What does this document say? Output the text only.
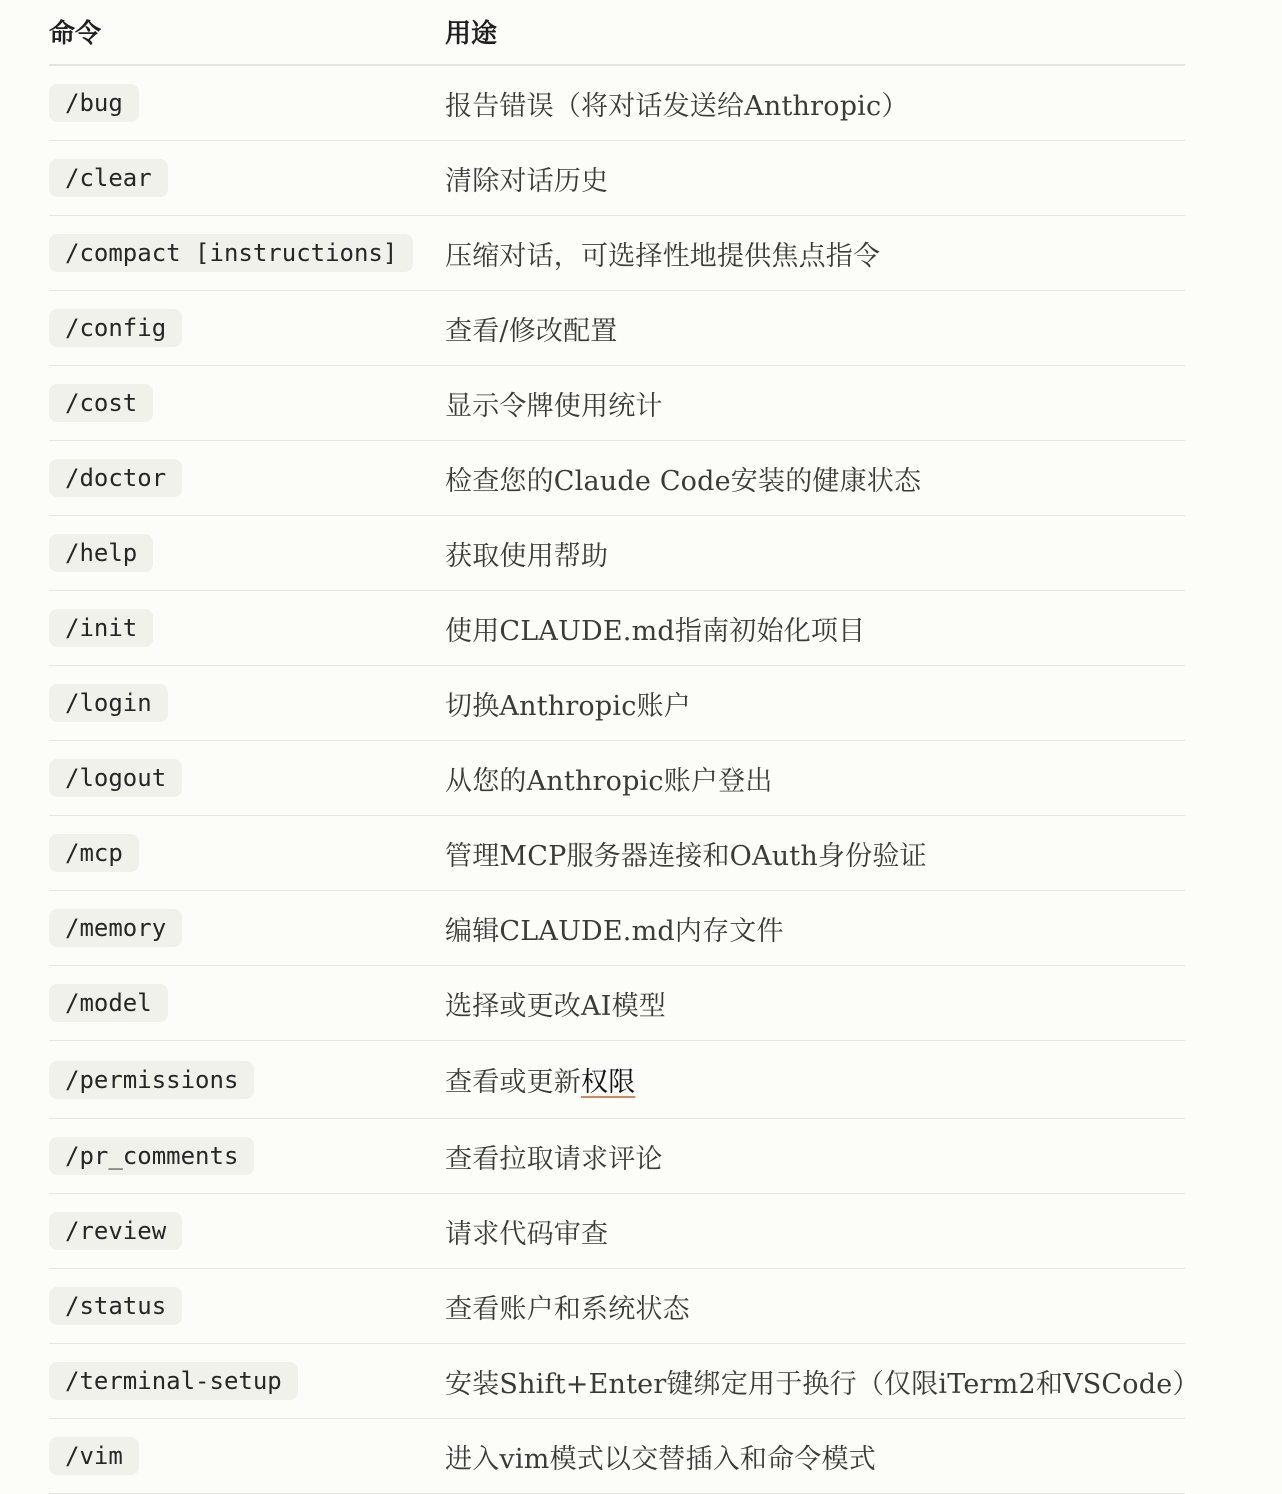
命令	用途
/bug	报告错误（将对话发送给Anthropic）
/clear	清除对话历史
/compact [instructions]	压缩对话，可选择性地提供焦点指令
/config	查看/修改配置
/cost	显示令牌使用统计
/doctor	检查您的Claude Code安装的健康状态
/help	获取使用帮助
/init	使用CLAUDE.md指南初始化项目
/login	切换Anthropic账户
/logout	从您的Anthropic账户登出
/mcp	管理MCP服务器连接和OAuth身份验证
/memory	编辑CLAUDE.md内存文件
/model	选择或更改AI模型
/permissions	查看或更新权限
/pr_comments	查看拉取请求评论
/review	请求代码审查
/status	查看账户和系统状态
/terminal-setup	安装Shift+Enter键绑定用于换行（仅限iTerm2和VSCode）
/vim	进入vim模式以交替插入和命令模式
